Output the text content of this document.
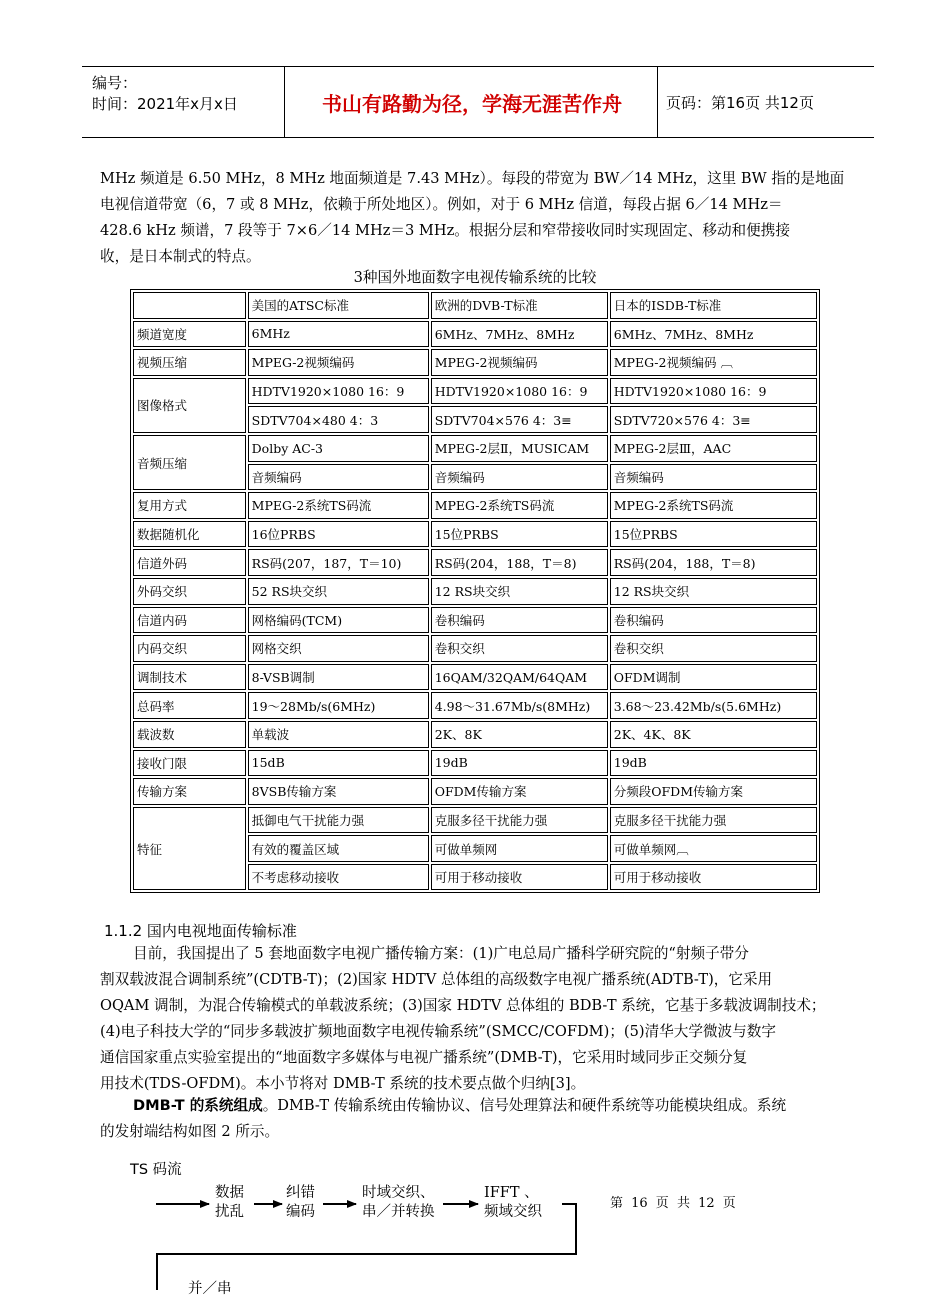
编号：
时间：2021年x月x日	书山有路勤为径，学海无涯苦作舟	页码：第16页 共12页

MHz 频道是 6.50 MHz，8 MHz 地面频道是 7.43 MHz）。每段的带宽为 BW／14 MHz，这里 BW 指的是地面

电视信道带宽（6，7 或 8 MHz，依赖于所处地区）。例如，对于 6 MHz 信道，每段占据 6／14 MHz＝

428.6 kHz 频谱，7 段等于 7×6／14 MHz＝3 MHz。根据分层和窄带接收同时实现固定、移动和便携接

收，是日本制式的特点。

3种国外地面数字电视传输系统的比较
	美国的ATSC标准	欧洲的DVB-T标准	日本的ISDB-T标准
频道宽度	6MHz	6MHz、7MHz、8MHz	6MHz、7MHz、8MHz
视频压缩	MPEG-2视频编码	MPEG-2视频编码	MPEG-2视频编码 ︹
图像格式	HDTV1920×1080 16：9	HDTV1920×1080 16：9	HDTV1920×1080 16：9
	SDTV704×480 4：3	SDTV704×576 4：3≡	SDTV720×576 4：3≡
音频压缩	Dolby AC-3	MPEG-2层Ⅱ，MUSICAM	MPEG-2层Ⅲ，AAC
	音频编码	音频编码	音频编码
复用方式	MPEG-2系统TS码流	MPEG-2系统TS码流	MPEG-2系统TS码流
数据随机化	16位PRBS	15位PRBS	15位PRBS
信道外码	RS码(207，187，T＝10)	RS码(204，188，T＝8)	RS码(204，188，T＝8)
外码交织	52 RS块交织	12 RS块交织	12 RS块交织
信道内码	网格编码(TCM)	卷积编码	卷积编码
内码交织	网格交织	卷积交织	卷积交织
调制技术	8-VSB调制	16QAM/32QAM/64QAM	OFDM调制
总码率	19～28Mb/s(6MHz)	4.98～31.67Mb/s(8MHz)	3.68～23.42Mb/s(5.6MHz)
载波数	单载波	2K、8K	2K、4K、8K
接收门限	15dB	19dB	19dB
传输方案	8VSB传输方案	OFDM传输方案	分频段OFDM传输方案
特征	抵御电气干扰能力强	克服多径干扰能力强	克服多径干扰能力强
	有效的覆盖区域	可做单频网	可做单频网︹
	不考虑移动接收	可用于移动接收	可用于移动接收
1.1.2 国内电视地面传输标准

目前，我国提出了 5 套地面数字电视广播传输方案：(1)广电总局广播科学研究院的“射频子带分

割双载波混合调制系统”(CDTB-T)；(2)国家 HDTV 总体组的高级数字电视广播系统(ADTB-T)，它采用

OQAM 调制，为混合传输模式的单载波系统；(3)国家 HDTV 总体组的 BDB-T 系统，它基于多载波调制技术；

(4)电子科技大学的“同步多载波扩频地面数字电视传输系统”(SMCC/COFDM)；(5)清华大学微波与数字

通信国家重点实验室提出的“地面数字多媒体与电视广播系统”(DMB-T)，它采用时域同步正交频分复

用技术(TDS-OFDM)。本小节将对 DMB-T 系统的技术要点做个归纳[3]。

DMB-T 的系统组成。DMB-T 传输系统由传输协议、信号处理算法和硬件系统等功能模块组成。系统

的发射端结构如图 2 所示。

TS 码流
数据
扰乱
纠错
编码
时域交织、
串／并转换
IFFT 、
频域交织
并／串
第 16 页 共 12 页
